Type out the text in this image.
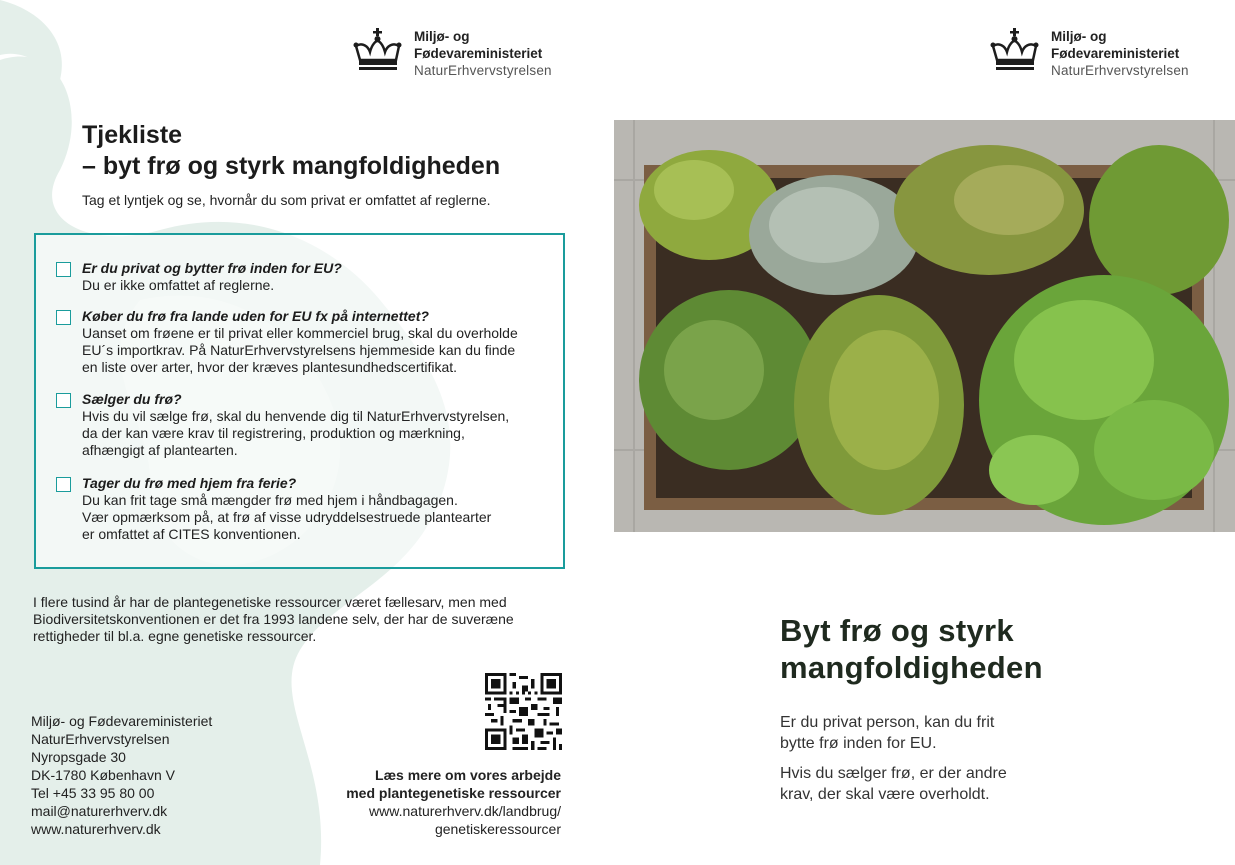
Miljø- og
Fødevareministeriet
NaturErhvervstyrelsen
Tjekliste
– byt frø og styrk mangfoldigheden
Tag et lyntjek og se, hvornår du som privat er omfattet af reglerne.
Er du privat og bytter frø inden for EU?
Du er ikke omfattet af reglerne.
Køber du frø fra lande uden for EU fx på internettet?
Uanset om frøene er til privat eller kommerciel brug, skal du overholde
EU´s importkrav. På NaturErhvervstyrelsens hjemmeside kan du finde
en liste over arter, hvor der kræves plantesundhedscertifikat.
Sælger du frø?
Hvis du vil sælge frø, skal du henvende dig til NaturErhvervstyrelsen,
da der kan være krav til registrering, produktion og mærkning,
afhængigt af plantearten.
Tager du frø med hjem fra ferie?
Du kan frit tage små mængder frø med hjem i håndbagagen.
Vær opmærksom på, at frø af visse udryddelsestruede plantearter
er omfattet af CITES konventionen.
I flere tusind år har de plantegenetiske ressourcer været fællesarv, men med
Biodiversitetskonventionen er det fra 1993 landene selv, der har de suveræne
rettigheder til bl.a. egne genetiske ressourcer.
Miljø- og Fødevareministeriet
NaturErhvervstyrelsen
Nyropsgade 30
DK-1780 København V
Tel +45 33 95 80 00
mail@naturerhverv.dk
www.naturerhverv.dk
Læs mere om vores arbejde
med plantegenetiske ressourcer
www.naturerhverv.dk/landbrug/
genetiskeressourcer
Miljø- og
Fødevareministeriet
NaturErhvervstyrelsen
Byt frø og styrk
mangfoldigheden
Er du privat person, kan du frit
bytte frø inden for EU.
Hvis du sælger frø, er der andre
krav, der skal være overholdt.
